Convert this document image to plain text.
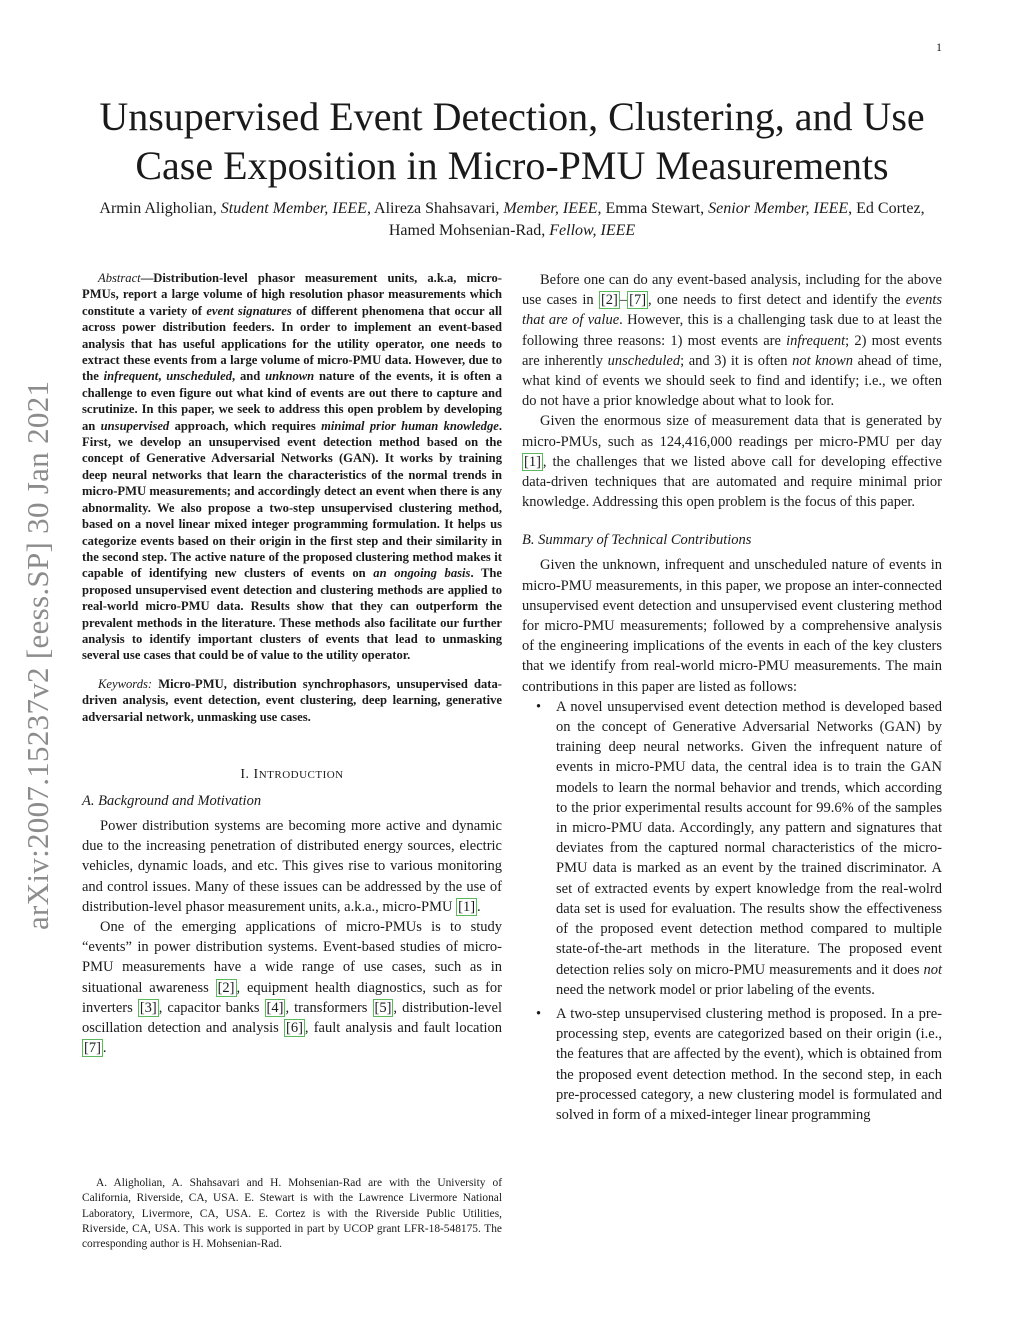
1
arXiv:2007.15237v2 [eess.SP] 30 Jan 2021
Unsupervised Event Detection, Clustering, and Use
Case Exposition in Micro-PMU Measurements
Armin Aligholian, Student Member, IEEE, Alireza Shahsavari, Member, IEEE, Emma Stewart, Senior Member, IEEE, Ed Cortez, Hamed Mohsenian-Rad, Fellow, IEEE

Abstract—Distribution-level phasor measurement units, a.k.a, micro-PMUs, report a large volume of high resolution phasor measurements which constitute a variety of event signatures of different phenomena that occur all across power distribution feeders. In order to implement an event-based analysis that has useful applications for the utility operator, one needs to extract these events from a large volume of micro-PMU data. However, due to the infrequent, unscheduled, and unknown nature of the events, it is often a challenge to even figure out what kind of events are out there to capture and scrutinize. In this paper, we seek to address this open problem by developing an unsupervised approach, which requires minimal prior human knowledge. First, we develop an unsupervised event detection method based on the concept of Generative Adversarial Networks (GAN). It works by training deep neural networks that learn the characteristics of the normal trends in micro-PMU measurements; and accordingly detect an event when there is any abnormality. We also propose a two-step unsupervised clustering method, based on a novel linear mixed integer programming formulation. It helps us categorize events based on their origin in the first step and their similarity in the second step. The active nature of the proposed clustering method makes it capable of identifying new clusters of events on an ongoing basis. The proposed unsupervised event detection and clustering methods are applied to real-world micro-PMU data. Results show that they can outperform the prevalent methods in the literature. These methods also facilitate our further analysis to identify important clusters of events that lead to unmasking several use cases that could be of value to the utility operator.

Keywords: Micro-PMU, distribution synchrophasors, unsupervised data-driven analysis, event detection, event clustering, deep learning, generative adversarial network, unmasking use cases.

I. INTRODUCTION
A. Background and Motivation

Power distribution systems are becoming more active and dynamic due to the increasing penetration of distributed energy sources, electric vehicles, dynamic loads, and etc. This gives rise to various monitoring and control issues. Many of these issues can be addressed by the use of distribution-level phasor measurement units, a.k.a., micro-PMU [1] .

One of the emerging applications of micro-PMUs is to study “events” in power distribution systems. Event-based studies of micro-PMU measurements have a wide range of use cases, such as in situational awareness [2] , equipment health diagnostics, such as for inverters [3] , capacitor banks [4] , transformers [5] , distribution-level oscillation detection and analysis [6] , fault analysis and fault location [7] .

A. Aligholian, A. Shahsavari and H. Mohsenian-Rad are with the University of California, Riverside, CA, USA. E. Stewart is with the Lawrence Livermore National Laboratory, Livermore, CA, USA. E. Cortez is with the Riverside Public Utilities, Riverside, CA, USA. This work is supported in part by UCOP grant LFR-18-548175. The corresponding author is H. Mohsenian-Rad.

Before one can do any event-based analysis, including for the above use cases in [2] – [7] , one needs to first detect and identify the events that are of value. However, this is a challenging task due to at least the following three reasons: 1) most events are infrequent; 2) most events are inherently unscheduled; and 3) it is often not known ahead of time, what kind of events we should seek to find and identify; i.e., we often do not have a prior knowledge about what to look for.

Given the enormous size of measurement data that is generated by micro-PMUs, such as 124,416,000 readings per micro-PMU per day [1] , the challenges that we listed above call for developing effective data-driven techniques that are automated and require minimal prior knowledge. Addressing this open problem is the focus of this paper.

B. Summary of Technical Contributions

Given the unknown, infrequent and unscheduled nature of events in micro-PMU measurements, in this paper, we propose an inter-connected unsupervised event detection and unsupervised event clustering method for micro-PMU measurements; followed by a comprehensive analysis of the engineering implications of the events in each of the key clusters that we identify from real-world micro-PMU measurements. The main contributions in this paper are listed as follows:

• A novel unsupervised event detection method is developed based on the concept of Generative Adversarial Networks (GAN) by training deep neural networks. Given the infrequent nature of events in micro-PMU data, the central idea is to train the GAN models to learn the normal behavior and trends, which according to the prior experimental results account for 99.6% of the samples in micro-PMU data. Accordingly, any pattern and signatures that deviates from the captured normal characteristics of the micro-PMU data is marked as an event by the trained discriminator. A set of extracted events by expert knowledge from the real-wolrd data set is used for evaluation. The results show the effectiveness of the proposed event detection method compared to multiple state-of-the-art methods in the literature. The proposed event detection relies soly on micro-PMU measurements and it does not need the network model or prior labeling of the events.
• A two-step unsupervised clustering method is proposed. In a pre-processing step, events are categorized based on their origin (i.e., the features that are affected by the event), which is obtained from the proposed event detection method. In the second step, in each pre-processed category, a new clustering model is formulated and solved in form of a mixed-integer linear programming
